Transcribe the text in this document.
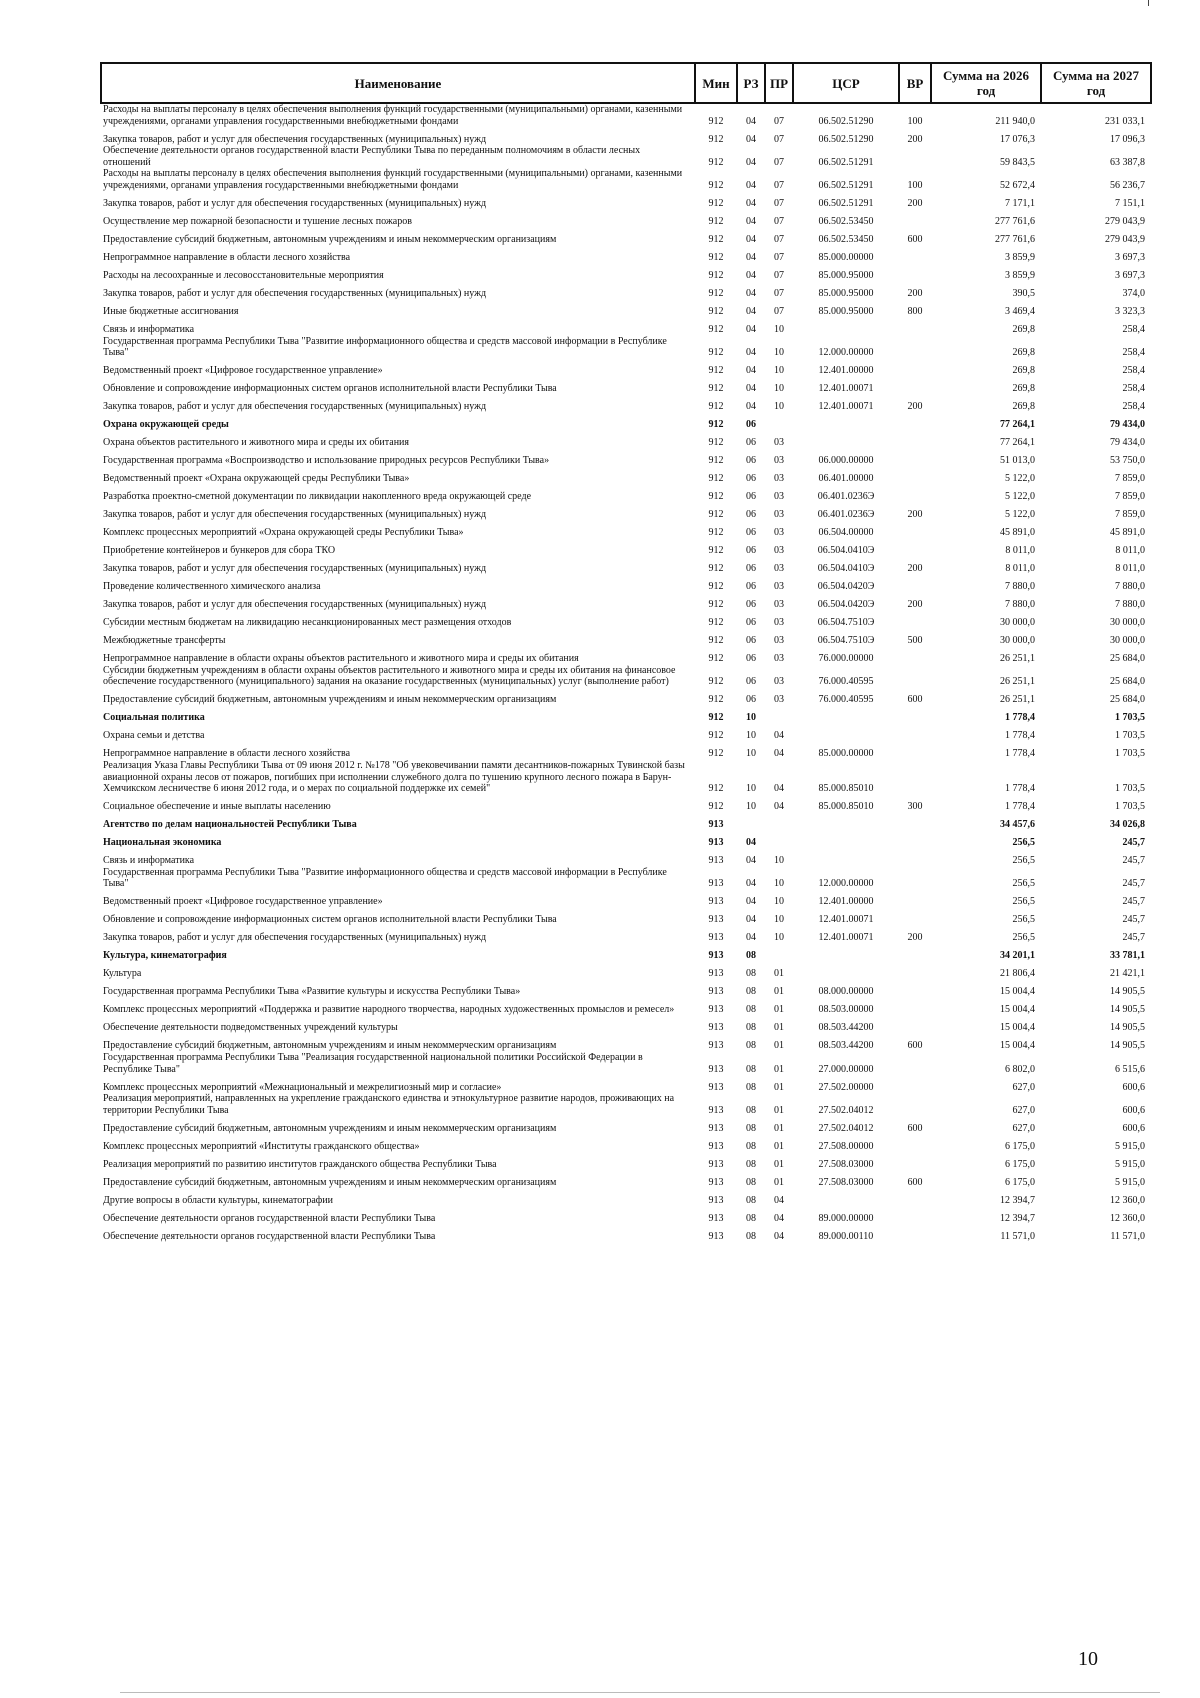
Наименование	Мин	РЗ	ПР	ЦСР	ВР	Сумма на 2026 год	Сумма на 2027 год
Расходы на выплаты персоналу в целях обеспечения выполнения функций государственными (муниципальными) органами, казенными учреждениями, органами управления государственными внебюджетными фондами	912	04	07	06.502.51290	100	211 940,0	231 033,1
Закупка товаров, работ и услуг для обеспечения государственных (муниципальных) нужд	912	04	07	06.502.51290	200	17 076,3	17 096,3
Обеспечение деятельности органов государственной власти Республики Тыва по переданным полномочиям в области лесных отношений	912	04	07	06.502.51291		59 843,5	63 387,8
Расходы на выплаты персоналу в целях обеспечения выполнения функций государственными (муниципальными) органами, казенными учреждениями, органами управления государственными внебюджетными фондами	912	04	07	06.502.51291	100	52 672,4	56 236,7
Закупка товаров, работ и услуг для обеспечения государственных (муниципальных) нужд	912	04	07	06.502.51291	200	7 171,1	7 151,1
Осуществление мер пожарной безопасности и тушение лесных пожаров	912	04	07	06.502.53450		277 761,6	279 043,9
Предоставление субсидий бюджетным, автономным учреждениям и иным некоммерческим организациям	912	04	07	06.502.53450	600	277 761,6	279 043,9
Непрограммное направление в области лесного хозяйства	912	04	07	85.000.00000		3 859,9	3 697,3
Расходы на лесоохранные и лесовосстановительные мероприятия	912	04	07	85.000.95000		3 859,9	3 697,3
Закупка товаров, работ и услуг для обеспечения государственных (муниципальных) нужд	912	04	07	85.000.95000	200	390,5	374,0
Иные бюджетные ассигнования	912	04	07	85.000.95000	800	3 469,4	3 323,3
Связь и информатика	912	04	10			269,8	258,4
Государственная программа Республики Тыва "Развитие информационного общества и средств массовой информации в Республике Тыва"	912	04	10	12.000.00000		269,8	258,4
Ведомственный проект «Цифровое государственное управление»	912	04	10	12.401.00000		269,8	258,4
Обновление и сопровождение информационных систем органов исполнительной власти Республики Тыва	912	04	10	12.401.00071		269,8	258,4
Закупка товаров, работ и услуг для обеспечения государственных (муниципальных) нужд	912	04	10	12.401.00071	200	269,8	258,4
Охрана окружающей среды	912	06				77 264,1	79 434,0
Охрана объектов растительного и животного мира и среды их обитания	912	06	03			77 264,1	79 434,0
Государственная программа «Воспроизводство и использование природных ресурсов Республики Тыва»	912	06	03	06.000.00000		51 013,0	53 750,0
Ведомственный проект «Охрана окружающей среды Республики Тыва»	912	06	03	06.401.00000		5 122,0	7 859,0
Разработка проектно-сметной документации по ликвидации накопленного вреда окружающей среде	912	06	03	06.401.0236Э		5 122,0	7 859,0
Закупка товаров, работ и услуг для обеспечения государственных (муниципальных) нужд	912	06	03	06.401.0236Э	200	5 122,0	7 859,0
Комплекс процессных мероприятий «Охрана окружающей среды Республики Тыва»	912	06	03	06.504.00000		45 891,0	45 891,0
Приобретение контейнеров и бункеров для сбора ТКО	912	06	03	06.504.0410Э		8 011,0	8 011,0
Закупка товаров, работ и услуг для обеспечения государственных (муниципальных) нужд	912	06	03	06.504.0410Э	200	8 011,0	8 011,0
Проведение количественного химического анализа	912	06	03	06.504.0420Э		7 880,0	7 880,0
Закупка товаров, работ и услуг для обеспечения государственных (муниципальных) нужд	912	06	03	06.504.0420Э	200	7 880,0	7 880,0
Субсидии местным бюджетам на ликвидацию несанкционированных мест размещения отходов	912	06	03	06.504.7510Э		30 000,0	30 000,0
Межбюджетные трансферты	912	06	03	06.504.7510Э	500	30 000,0	30 000,0
Непрограммное направление в области охраны объектов растительного и животного мира и среды их обитания	912	06	03	76.000.00000		26 251,1	25 684,0
Субсидии бюджетным учреждениям в области охраны объектов растительного и животного мира и среды их обитания на финансовое обеспечение государственного (муниципального) задания на оказание государственных (муниципальных) услуг (выполнение работ)	912	06	03	76.000.40595		26 251,1	25 684,0
Предоставление субсидий бюджетным, автономным учреждениям и иным некоммерческим организациям	912	06	03	76.000.40595	600	26 251,1	25 684,0
Социальная политика	912	10				1 778,4	1 703,5
Охрана семьи и детства	912	10	04			1 778,4	1 703,5
Непрограммное направление в области лесного хозяйства	912	10	04	85.000.00000		1 778,4	1 703,5
Реализация Указа Главы Республики Тыва от 09 июня 2012 г. №178 "Об увековечивании памяти десантников-пожарных Тувинской базы авиационной охраны лесов от пожаров, погибших при исполнении служебного долга по тушению крупного лесного пожара в Барун-Хемчикском лесничестве 6 июня 2012 года, и о мерах по социальной поддержке их семей"	912	10	04	85.000.85010		1 778,4	1 703,5
Социальное обеспечение и иные выплаты населению	912	10	04	85.000.85010	300	1 778,4	1 703,5
Агентство по делам национальностей Республики Тыва	913					34 457,6	34 026,8
Национальная экономика	913	04				256,5	245,7
Связь и информатика	913	04	10			256,5	245,7
Государственная программа Республики Тыва "Развитие информационного общества и средств массовой информации в Республике Тыва"	913	04	10	12.000.00000		256,5	245,7
Ведомственный проект «Цифровое государственное управление»	913	04	10	12.401.00000		256,5	245,7
Обновление и сопровождение информационных систем органов исполнительной власти Республики Тыва	913	04	10	12.401.00071		256,5	245,7
Закупка товаров, работ и услуг для обеспечения государственных (муниципальных) нужд	913	04	10	12.401.00071	200	256,5	245,7
Культура, кинематография	913	08				34 201,1	33 781,1
Культура	913	08	01			21 806,4	21 421,1
Государственная программа Республики Тыва «Развитие культуры и искусства Республики Тыва»	913	08	01	08.000.00000		15 004,4	14 905,5
Комплекс процессных мероприятий «Поддержка и развитие народного творчества, народных художественных промыслов и ремесел»	913	08	01	08.503.00000		15 004,4	14 905,5
Обеспечение деятельности подведомственных учреждений культуры	913	08	01	08.503.44200		15 004,4	14 905,5
Предоставление субсидий бюджетным, автономным учреждениям и иным некоммерческим организациям	913	08	01	08.503.44200	600	15 004,4	14 905,5
Государственная программа Республики Тыва "Реализация государственной национальной политики Российской Федерации в Республике Тыва"	913	08	01	27.000.00000		6 802,0	6 515,6
Комплекс процессных мероприятий «Межнациональный и межрелигиозный мир и согласие»	913	08	01	27.502.00000		627,0	600,6
Реализация мероприятий, направленных на укрепление гражданского единства и этнокультурное развитие народов, проживающих на территории Республики Тыва	913	08	01	27.502.04012		627,0	600,6
Предоставление субсидий бюджетным, автономным учреждениям и иным некоммерческим организациям	913	08	01	27.502.04012	600	627,0	600,6
Комплекс процессных мероприятий «Институты гражданского общества»	913	08	01	27.508.00000		6 175,0	5 915,0
Реализация мероприятий по развитию институтов гражданского общества Республики Тыва	913	08	01	27.508.03000		6 175,0	5 915,0
Предоставление субсидий бюджетным, автономным учреждениям и иным некоммерческим организациям	913	08	01	27.508.03000	600	6 175,0	5 915,0
Другие вопросы в области культуры, кинематографии	913	08	04			12 394,7	12 360,0
Обеспечение деятельности органов государственной власти Республики Тыва	913	08	04	89.000.00000		12 394,7	12 360,0
Обеспечение деятельности органов государственной власти Республики Тыва	913	08	04	89.000.00110		11 571,0	11 571,0
10
